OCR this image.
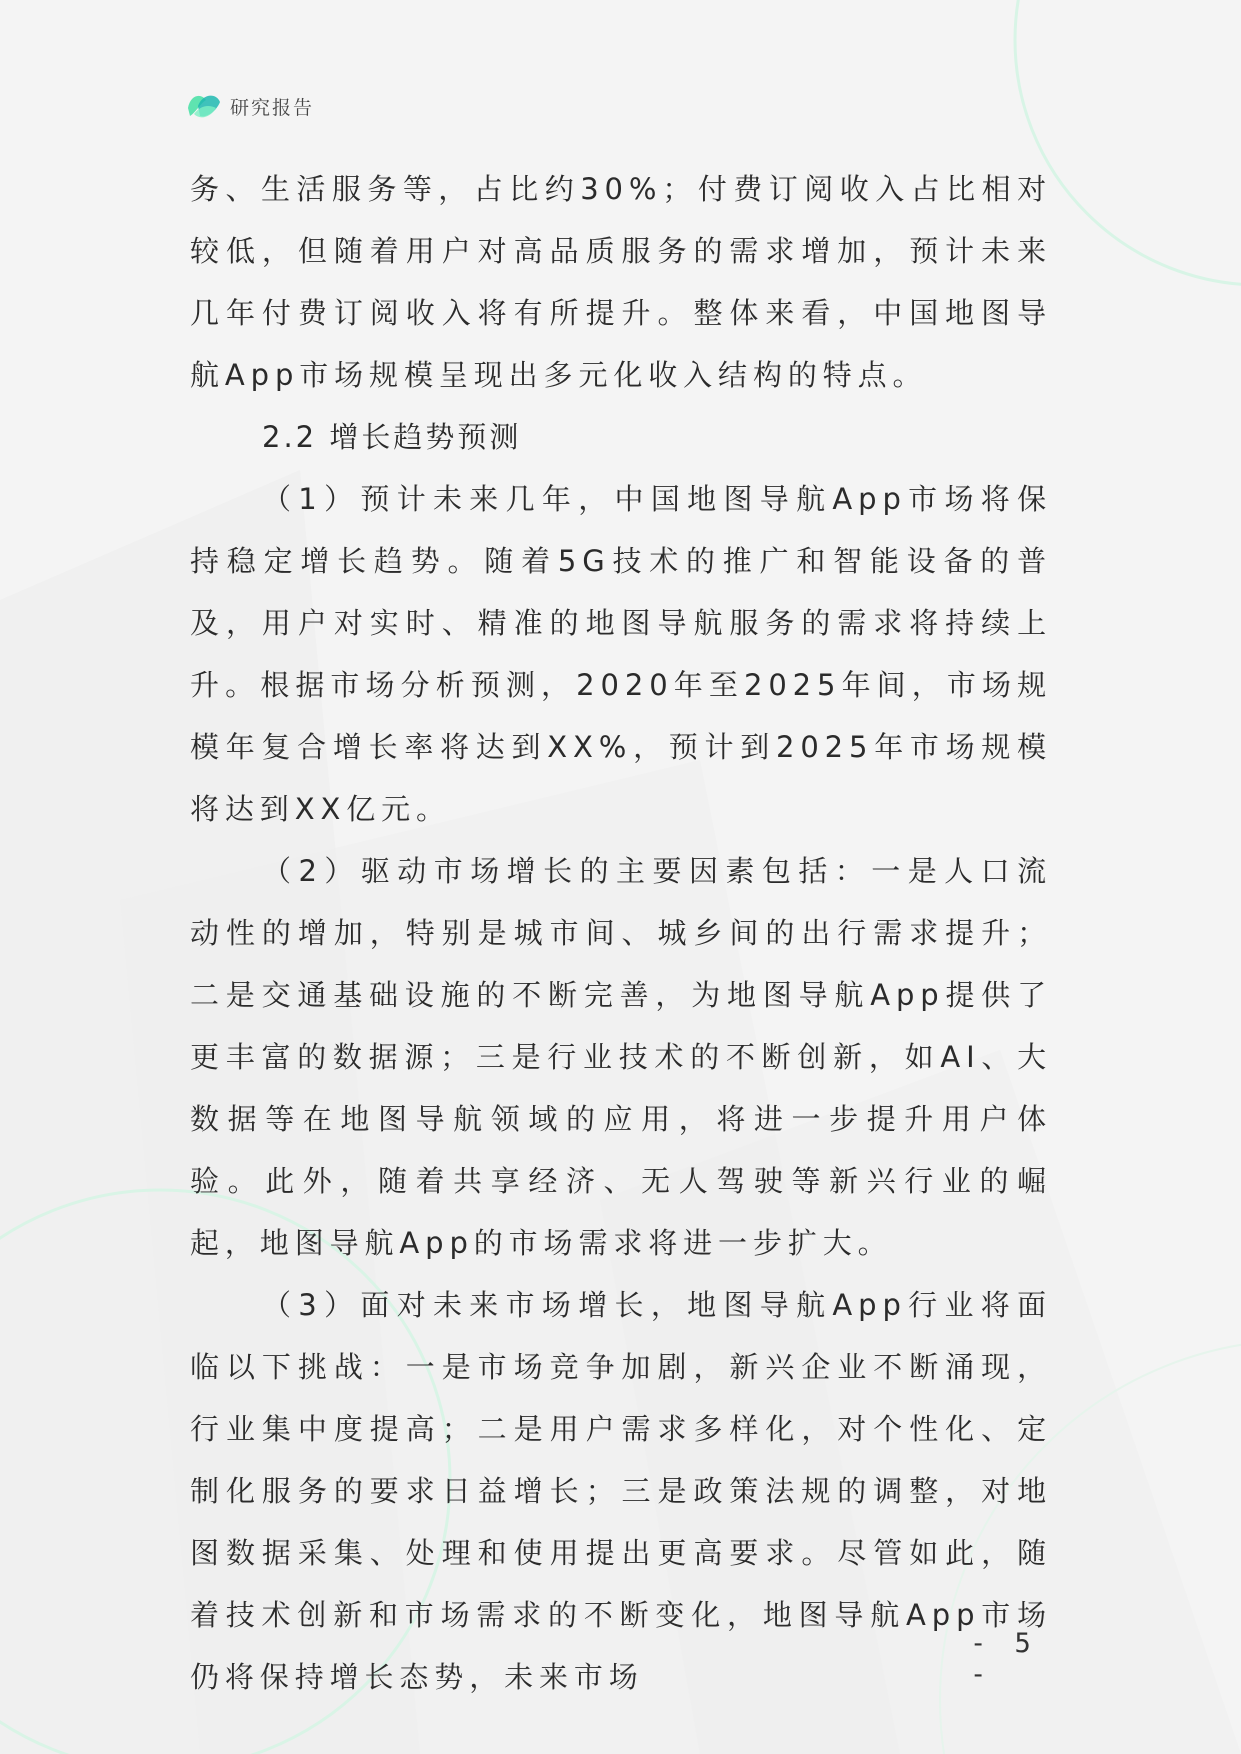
研究报告

务、生活服务等，占比约30%；付费订阅收入占比相对较低，但随着用户对高品质服务的需求增加，预计未来几年付费订阅收入将有所提升。整体来看，中国地图导航App市场规模呈现出多元化收入结构的特点。

2.2 增长趋势预测

（1）预计未来几年，中国地图导航App市场将保持稳定增长趋势。随着5G技术的推广和智能设备的普及，用户对实时、精准的地图导航服务的需求将持续上升。根据市场分析预测，2020年至2025年间，市场规模年复合增长率将达到XX%，预计到2025年市场规模将达到XX亿元。

（2）驱动市场增长的主要因素包括：一是人口流动性的增加，特别是城市间、城乡间的出行需求提升；二是交通基础设施的不断完善，为地图导航App提供了更丰富的数据源；三是行业技术的不断创新，如AI、大数据等在地图导航领域的应用，将进一步提升用户体验。此外，随着共享经济、无人驾驶等新兴行业的崛起，地图导航App的市场需求将进一步扩大。

（3）面对未来市场增长，地图导航App行业将面临以下挑战：一是市场竞争加剧，新兴企业不断涌现，行业集中度提高；二是用户需求多样化，对个性化、定制化服务的要求日益增长；三是政策法规的调整，对地图数据采集、处理和使用提出更高要求。尽管如此，随着技术创新和市场需求的不断变化，地图导航App市场仍将保持增长态势，未来市场

- 5 -
